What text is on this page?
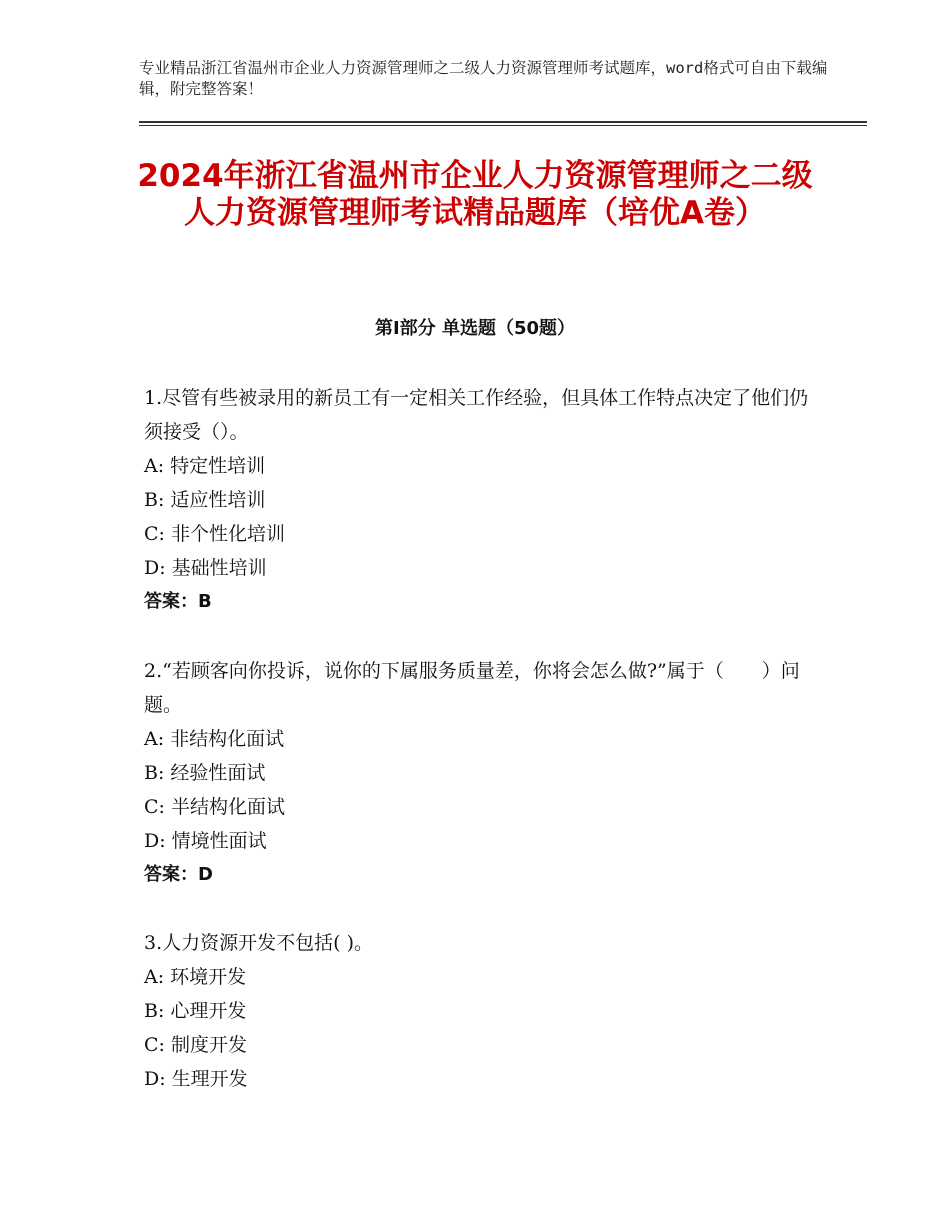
专业精品浙江省温州市企业人力资源管理师之二级人力资源管理师考试题库，word格式可自由下载编辑，附完整答案！
2024年浙江省温州市企业人力资源管理师之二级人力资源管理师考试精品题库（培优A卷）
第Ⅰ部分 单选题（50题）

1.尽管有些被录用的新员工有一定相关工作经验，但具体工作特点决定了他们仍须接受（）。

A: 特定性培训

B: 适应性培训

C: 非个性化培训

D: 基础性培训

答案：B

2.“若顾客向你投诉，说你的下属服务质量差，你将会怎么做?”属于（　　）问题。

A: 非结构化面试

B: 经验性面试

C: 半结构化面试

D: 情境性面试

答案：D

3.人力资源开发不包括( )。

A: 环境开发

B: 心理开发

C: 制度开发

D: 生理开发
